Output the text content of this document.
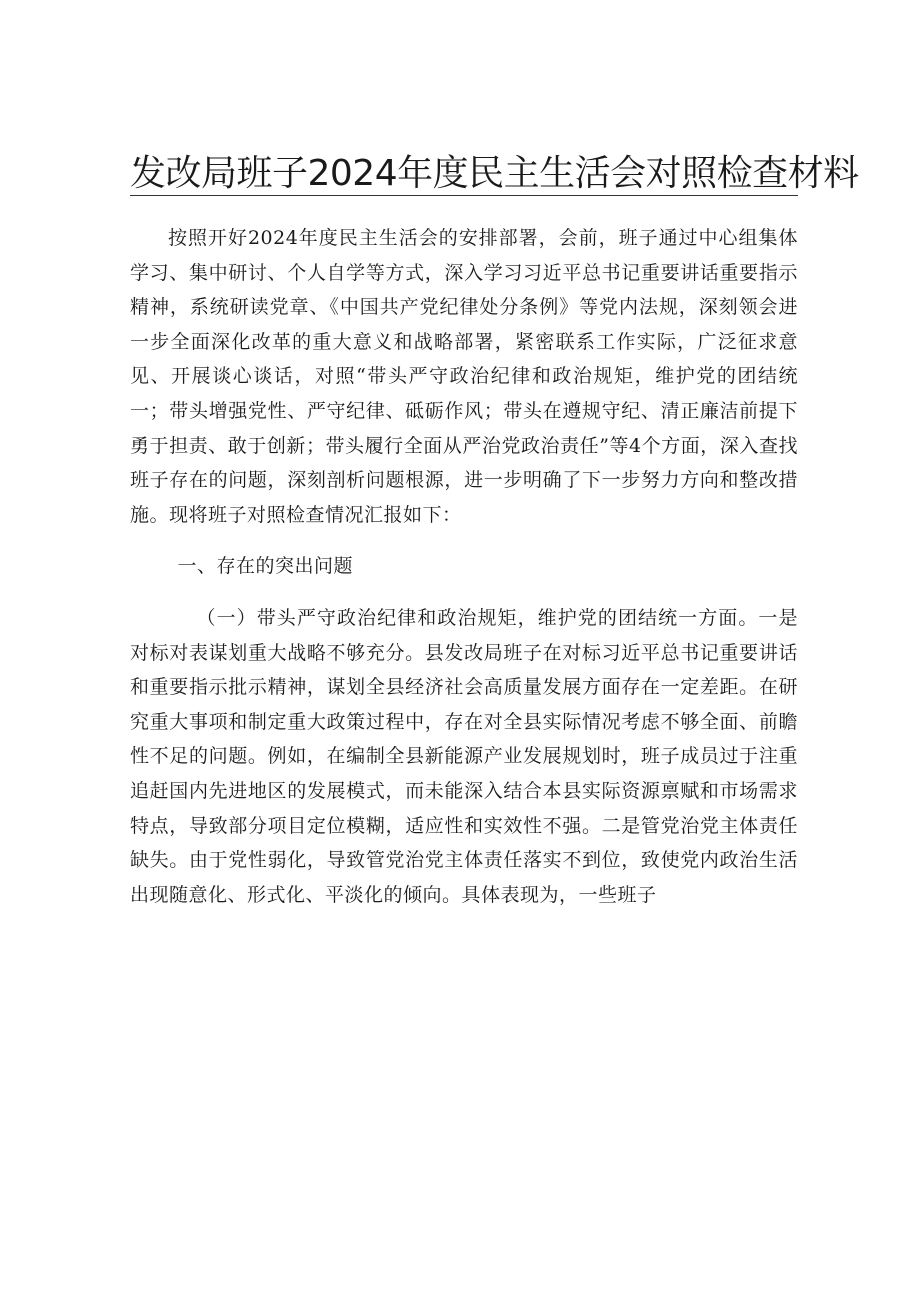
发改局班子2024年度民主生活会对照检查材料

按照开好2024年度民主生活会的安排部署，会前，班子通过中心组集体学习、集中研讨、个人自学等方式，深入学习习近平总书记重要讲话重要指示精神，系统研读党章、《中国共产党纪律处分条例》等党内法规，深刻领会进一步全面深化改革的重大意义和战略部署，紧密联系工作实际，广泛征求意见、开展谈心谈话，对照“带头严守政治纪律和政治规矩，维护党的团结统一；带头增强党性、严守纪律、砥砺作风；带头在遵规守纪、清正廉洁前提下勇于担责、敢于创新；带头履行全面从严治党政治责任”等4个方面，深入查找班子存在的问题，深刻剖析问题根源，进一步明确了下一步努力方向和整改措施。现将班子对照检查情况汇报如下：

一、存在的突出问题

（一）带头严守政治纪律和政治规矩，维护党的团结统一方面。一是对标对表谋划重大战略不够充分。县发改局班子在对标习近平总书记重要讲话和重要指示批示精神，谋划全县经济社会高质量发展方面存在一定差距。在研究重大事项和制定重大政策过程中，存在对全县实际情况考虑不够全面、前瞻性不足的问题。例如，在编制全县新能源产业发展规划时，班子成员过于注重追赶国内先进地区的发展模式，而未能深入结合本县实际资源禀赋和市场需求特点，导致部分项目定位模糊，适应性和实效性不强。二是管党治党主体责任缺失。由于党性弱化，导致管党治党主体责任落实不到位，致使党内政治生活出现随意化、形式化、平淡化的倾向。具体表现为，一些班子
